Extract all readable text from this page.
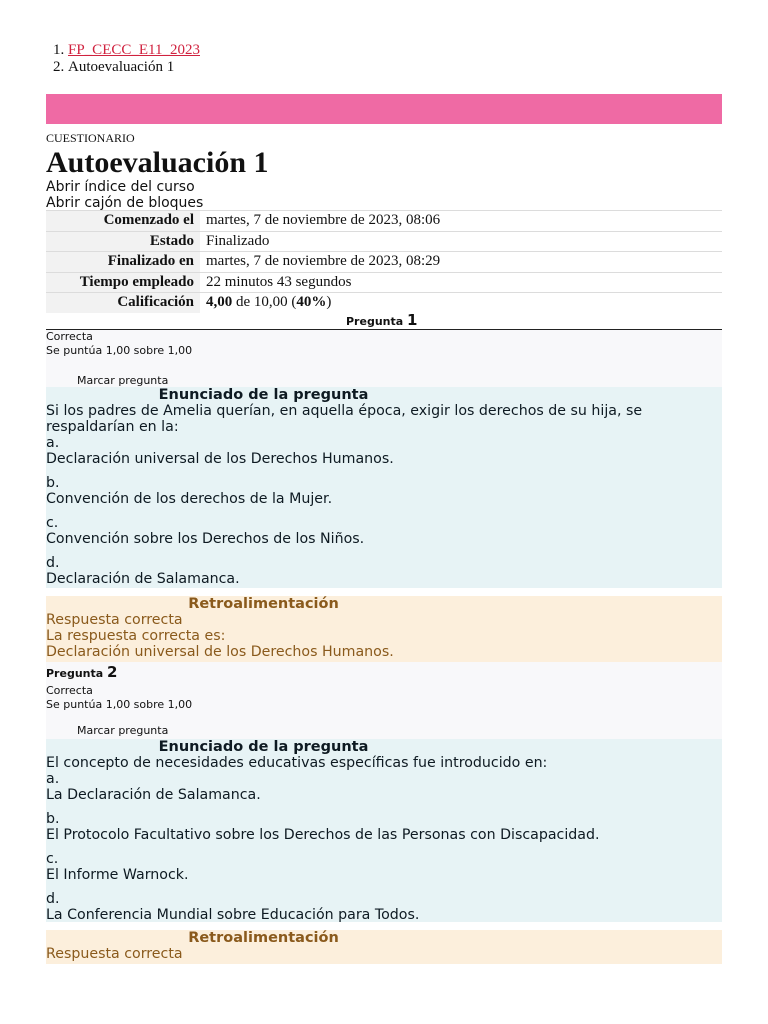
1. FP_CECC_E11_2023
2. Autoevaluación 1
CUESTIONARIO
Autoevaluación 1
Abrir índice del curso
Abrir cajón de bloques
Comenzado el	martes, 7 de noviembre de 2023, 08:06
Estado	Finalizado
Finalizado en	martes, 7 de noviembre de 2023, 08:29
Tiempo empleado	22 minutos 43 segundos
Calificación	4,00 de 10,00 (40%)
Pregunta 1
Correcta
Se puntúa 1,00 sobre 1,00
Marcar pregunta
Enunciado de la pregunta
Si los padres de Amelia querían, en aquella época, exigir los derechos de su hija, se respaldarían en la:
a.
Declaración universal de los Derechos Humanos.
b.
Convención de los derechos de la Mujer.
c.
Convención sobre los Derechos de los Niños.
d.
Declaración de Salamanca.
Retroalimentación
Respuesta correcta
La respuesta correcta es:
Declaración universal de los Derechos Humanos.
Pregunta 2
Correcta
Se puntúa 1,00 sobre 1,00
Marcar pregunta
Enunciado de la pregunta
El concepto de necesidades educativas específicas fue introducido en:
a.
La Declaración de Salamanca.
b.
El Protocolo Facultativo sobre los Derechos de las Personas con Discapacidad.
c.
El Informe Warnock.
d.
La Conferencia Mundial sobre Educación para Todos.
Retroalimentación
Respuesta correcta
